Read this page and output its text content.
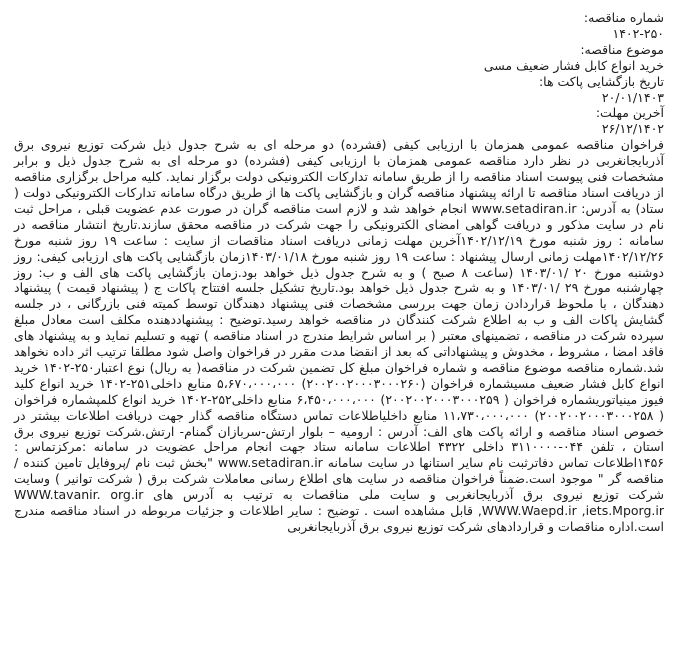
شماره مناقصه:
۱۴۰۲-۲۵۰
موضوع مناقصه:
خرید انواع کابل فشار ضعیف مسی
تاریخ بازگشایی پاکت ها:
۲۰/۰۱/۱۴۰۳
آخرین مهلت:
۲۶/۱۲/۱۴۰۲
فراخوان مناقصه عمومی همزمان با ارزیابی کیفی (فشرده) دو مرحله ای به شرح جدول ذیل شرکت توزیع نیروی برق آذربایجانغربی در نظر دارد مناقصه عمومی همزمان با ارزیابی کیفی (فشرده) دو مرحله ای به شرح جدول ذیل و برابر مشخصات فنی پیوست اسناد مناقصه را از طریق سامانه تدارکات الکترونیکی دولت برگزار نماید. کلیه مراحل برگزاری مناقصه از دریافت اسناد مناقصه تا ارائه پیشنهاد مناقصه گران و بازگشایی پاکت ها از طریق درگاه سامانه تدارکات الکترونیکی دولت ( ستاد) به آدرس: www.setadiran.ir انجام خواهد شد و لازم است مناقصه گران در صورت عدم عضویت قبلی ، مراحل ثبت نام در سایت مذکور و دریافت گواهی امضای الکترونیکی را جهت شرکت در مناقصه محقق سازند.تاریخ انتشار مناقصه در سامانه : روز شنبه مورخ ۱۴۰۲/۱۲/۱۹آخرین مهلت زمانی دریافت اسناد مناقصات از سایت : ساعت ۱۹ روز شنبه مورخ ۱۴۰۲/۱۲/۲۶مهلت زمانی ارسال پیشنهاد : ساعت ۱۹ روز شنبه مورخ ۱۴۰۳/۰۱/۱۸زمان بازگشایی پاکت های ارزیابی کیفی: روز دوشنبه مورخ ۲۰ /۱۴۰۳/۰۱ (ساعت ۸ صبح ) و به شرح جدول ذیل خواهد بود.زمان بازگشایی پاکت های الف و ب: روز چهارشنبه مورخ ۲۹ /۱۴۰۳/۰۱ و به شرح جدول ذیل خواهد بود.تاریخ تشکیل جلسه افتتاح پاکات ج ( پیشنهاد قیمت ) پیشنهاد دهندگان ، با ملحوظ قراردادن زمان جهت بررسی مشخصات فنی پیشنهاد دهندگان توسط کمیته فنی بازرگانی ، در جلسه گشایش پاکات الف و ب به اطلاع شرکت کنندگان در مناقصه خواهد رسید.توضیح : پیشنهاددهنده مکلف است معادل مبلغ سپرده شرکت در مناقصه ، تضمینهای معتبر ( بر اساس شرایط مندرج در اسناد مناقصه ) تهیه و تسلیم نماید و به پیشنهاد های فاقد امضا ، مشروط ، مخدوش و پیشنهاداتی که بعد از انقضا مدت مقرر در فراخوان واصل شود مطلقا ترتیب اثر داده نخواهد شد.شماره مناقصه موضوع مناقصه و شماره فراخوان مبلغ کل تضمین شرکت در مناقصه( به ریال) نوع اعتبار۲۵۰-۱۴۰۲ خرید انواع کابل فشار ضعیف مسیشماره فراخوان (۲۰۰۲۰۰۲۰۰۰۳۰۰۰۲۶۰) ۵،۶۷۰،۰۰۰،۰۰۰ منابع داخلی۲۵۱-۱۴۰۲ خرید انواع کلید فیوز مینیاتوریشماره فراخوان ( ۲۰۰۲۰۰۲۰۰۰۳۰۰۰۲۵۹) ۶،۴۵۰،۰۰۰،۰۰۰ منابع داخلی۲۵۲-۱۴۰۲ خرید انواع کلمپشماره فراخوان ( ۲۰۰۲۰۰۲۰۰۰۳۰۰۰۲۵۸) ۱۱،۷۳۰،۰۰۰،۰۰۰ منابع داخلیاطلاعات تماس دستگاه مناقصه گذار جهت دریافت اطلاعات بیشتر در خصوص اسناد مناقصه و ارائه پاکت های الف: آدرس : ارومیه – بلوار ارتش-سربازان گمنام- ارتش.شرکت توزیع نیروی برق استان ، تلفن ۰۴۴-۳۱۱۰۰۰۰ داخلی ۴۳۲۲ اطلاعات سامانه ستاد جهت انجام مراحل عضویت در سامانه :مرکزتماس : ۱۴۵۶اطلاعات تماس دفاترثبت نام سایر استانها در سایت سامانه www.setadiran.ir "بخش ثبت نام /پروفایل تامین کننده /مناقصه گر " موجود است.ضمناً فراخوان مناقصه در سایت های اطلاع رسانی معاملات شرکت برق ( شرکت توانیر ) وسایت شرکت توزیع نیروی برق آذربایجانغربی و سایت ملی مناقصات به ترتیب به آدرس های WWW.tavanir. org.ir ,WWW.Waepd.ir ,iets.Mporg.ir قابل مشاهده است . توضیح : سایر اطلاعات و جزئیات مربوطه در اسناد مناقصه مندرج است.اداره مناقصات و قراردادهای شرکت توزیع نیروی برق آذربایجانغربی
